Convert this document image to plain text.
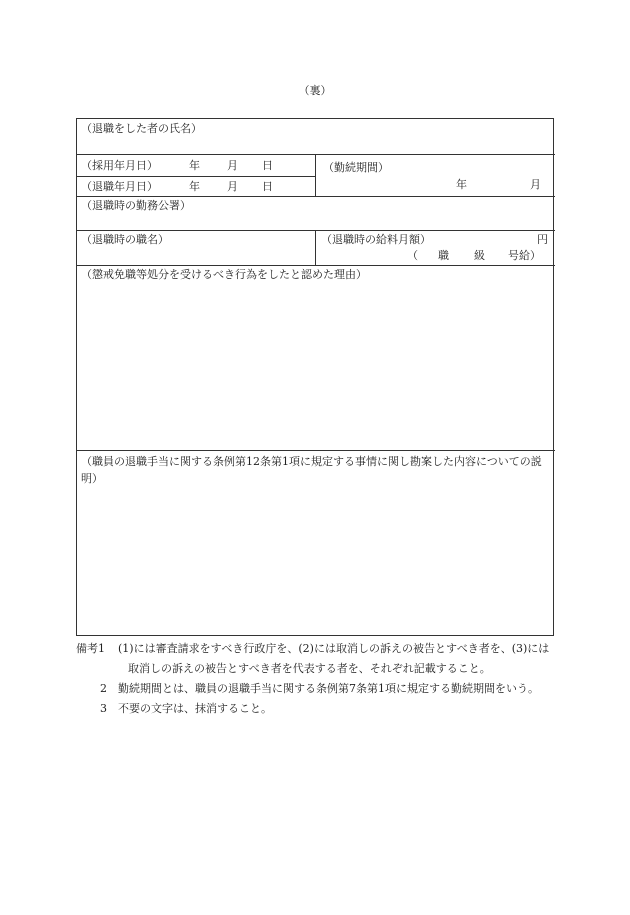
（裏）
（退職をした者の氏名）
（採用年月日）	年 月 日
（退職年月日）	年 月 日
（勤続期間）
年	月
（退職時の勤務公署）
（退職時の職名）	（退職時の給料月額）	円
（ 職 級 号給）
（懲戒免職等処分を受けるべき行為をしたと認めた理由）
（職員の退職手当に関する条例第12条第1項に規定する事情に関し勘案した内容についての説明）
備考1 (1)には審査請求をすべき行政庁を、(2)には取消しの訴えの被告とすべき者を、(3)には取消しの訴えの被告とすべき者を代表する者を、それぞれ記載すること。
2 勤続期間とは、職員の退職手当に関する条例第7条第1項に規定する勤続期間をいう。
3 不要の文字は、抹消すること。
